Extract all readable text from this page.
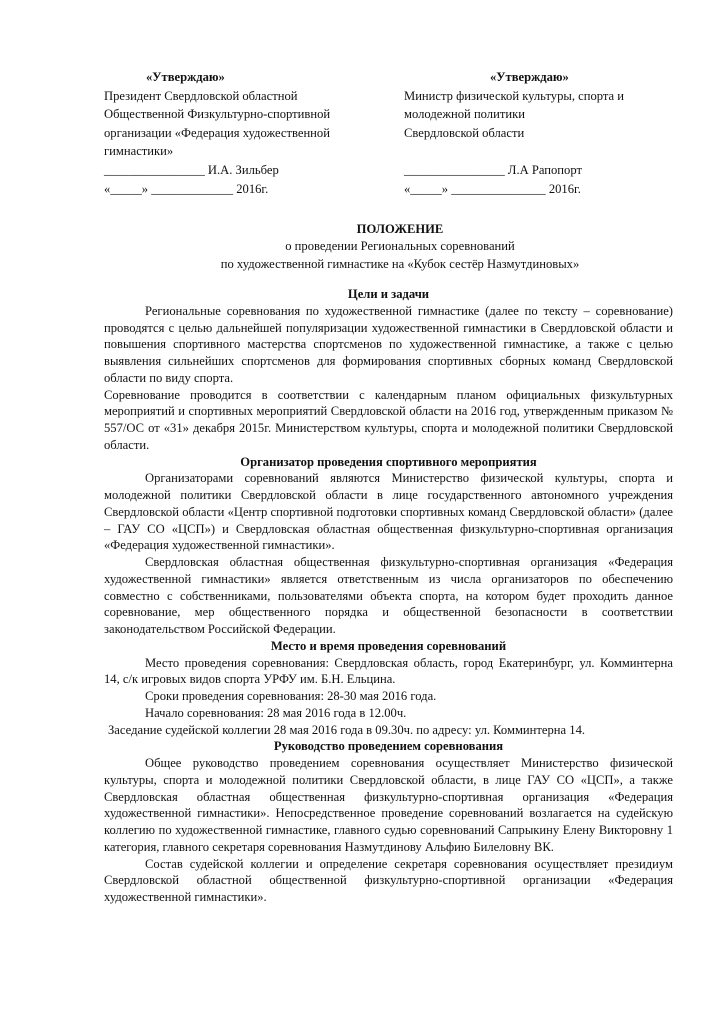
«Утверждаю»
Президент Свердловской областной
Общественной Физкультурно-спортивной
организации «Федерация художественной
гимнастики»
________________ И.А. Зильбер
«_____» _____________ 2016г.
«Утверждаю»
Министр физической культуры, спорта и
молодежной политики
Свердловской области

________________ Л.А Рапопорт
«_____» _______________ 2016г.
ПОЛОЖЕНИЕ
о проведении Региональных соревнований
по художественной гимнастике на «Кубок сестёр Назмутдиновых»
Цели и задачи

Региональные соревнования по художественной гимнастике (далее по тексту – соревнование) проводятся с целью дальнейшей популяризации художественной гимнастики в Свердловской области и повышения спортивного мастерства спортсменов по художественной гимнастике, а также с целью выявления сильнейших спортсменов для формирования спортивных сборных команд Свердловской области по виду спорта.

Соревнование проводится в соответствии с календарным планом официальных физкультурных мероприятий и спортивных мероприятий Свердловской области на 2016 год, утвержденным приказом № 557/ОС от «31» декабря 2015г. Министерством культуры, спорта и молодежной политики Свердловской области.

Организатор проведения спортивного мероприятия

Организаторами соревнований являются Министерство физической культуры, спорта и молодежной политики Свердловской области в лице государственного автономного учреждения Свердловской области «Центр спортивной подготовки спортивных команд Свердловской области» (далее – ГАУ СО «ЦСП») и Свердловская областная общественная физкультурно-спортивная организация «Федерация художественной гимнастики».

Свердловская областная общественная физкультурно-спортивная организация «Федерация художественной гимнастики» является ответственным из числа организаторов по обеспечению совместно с собственниками, пользователями объекта спорта, на котором будет проходить данное соревнование, мер общественного порядка и общественной безопасности в соответствии законодательством Российской Федерации.

Место и время проведения соревнований

Место проведения соревнования: Свердловская область, город Екатеринбург, ул. Комминтерна 14, с/к игровых видов спорта УРФУ им. Б.Н. Ельцина.

Сроки проведения соревнования: 28-30 мая 2016 года.

Начало соревнования: 28 мая 2016 года в 12.00ч.

Заседание судейской коллегии 28 мая 2016 года в 09.30ч. по адресу: ул. Комминтерна 14.

Руководство проведением соревнования

Общее руководство проведением соревнования осуществляет Министерство физической культуры, спорта и молодежной политики Свердловской области, в лице ГАУ СО «ЦСП», а также Свердловская областная общественная физкультурно-спортивная организация «Федерация художественной гимнастики». Непосредственное проведение соревнований возлагается на судейскую коллегию по художественной гимнастике, главного судью соревнований Сапрыкину Елену Викторовну 1 категория, главного секретаря соревнования Назмутдинову Альфию Билеловну ВК.

Состав судейской коллегии и определение секретаря соревнования осуществляет президиум Свердловской областной общественной физкультурно-спортивной организации «Федерация художественной гимнастики».
